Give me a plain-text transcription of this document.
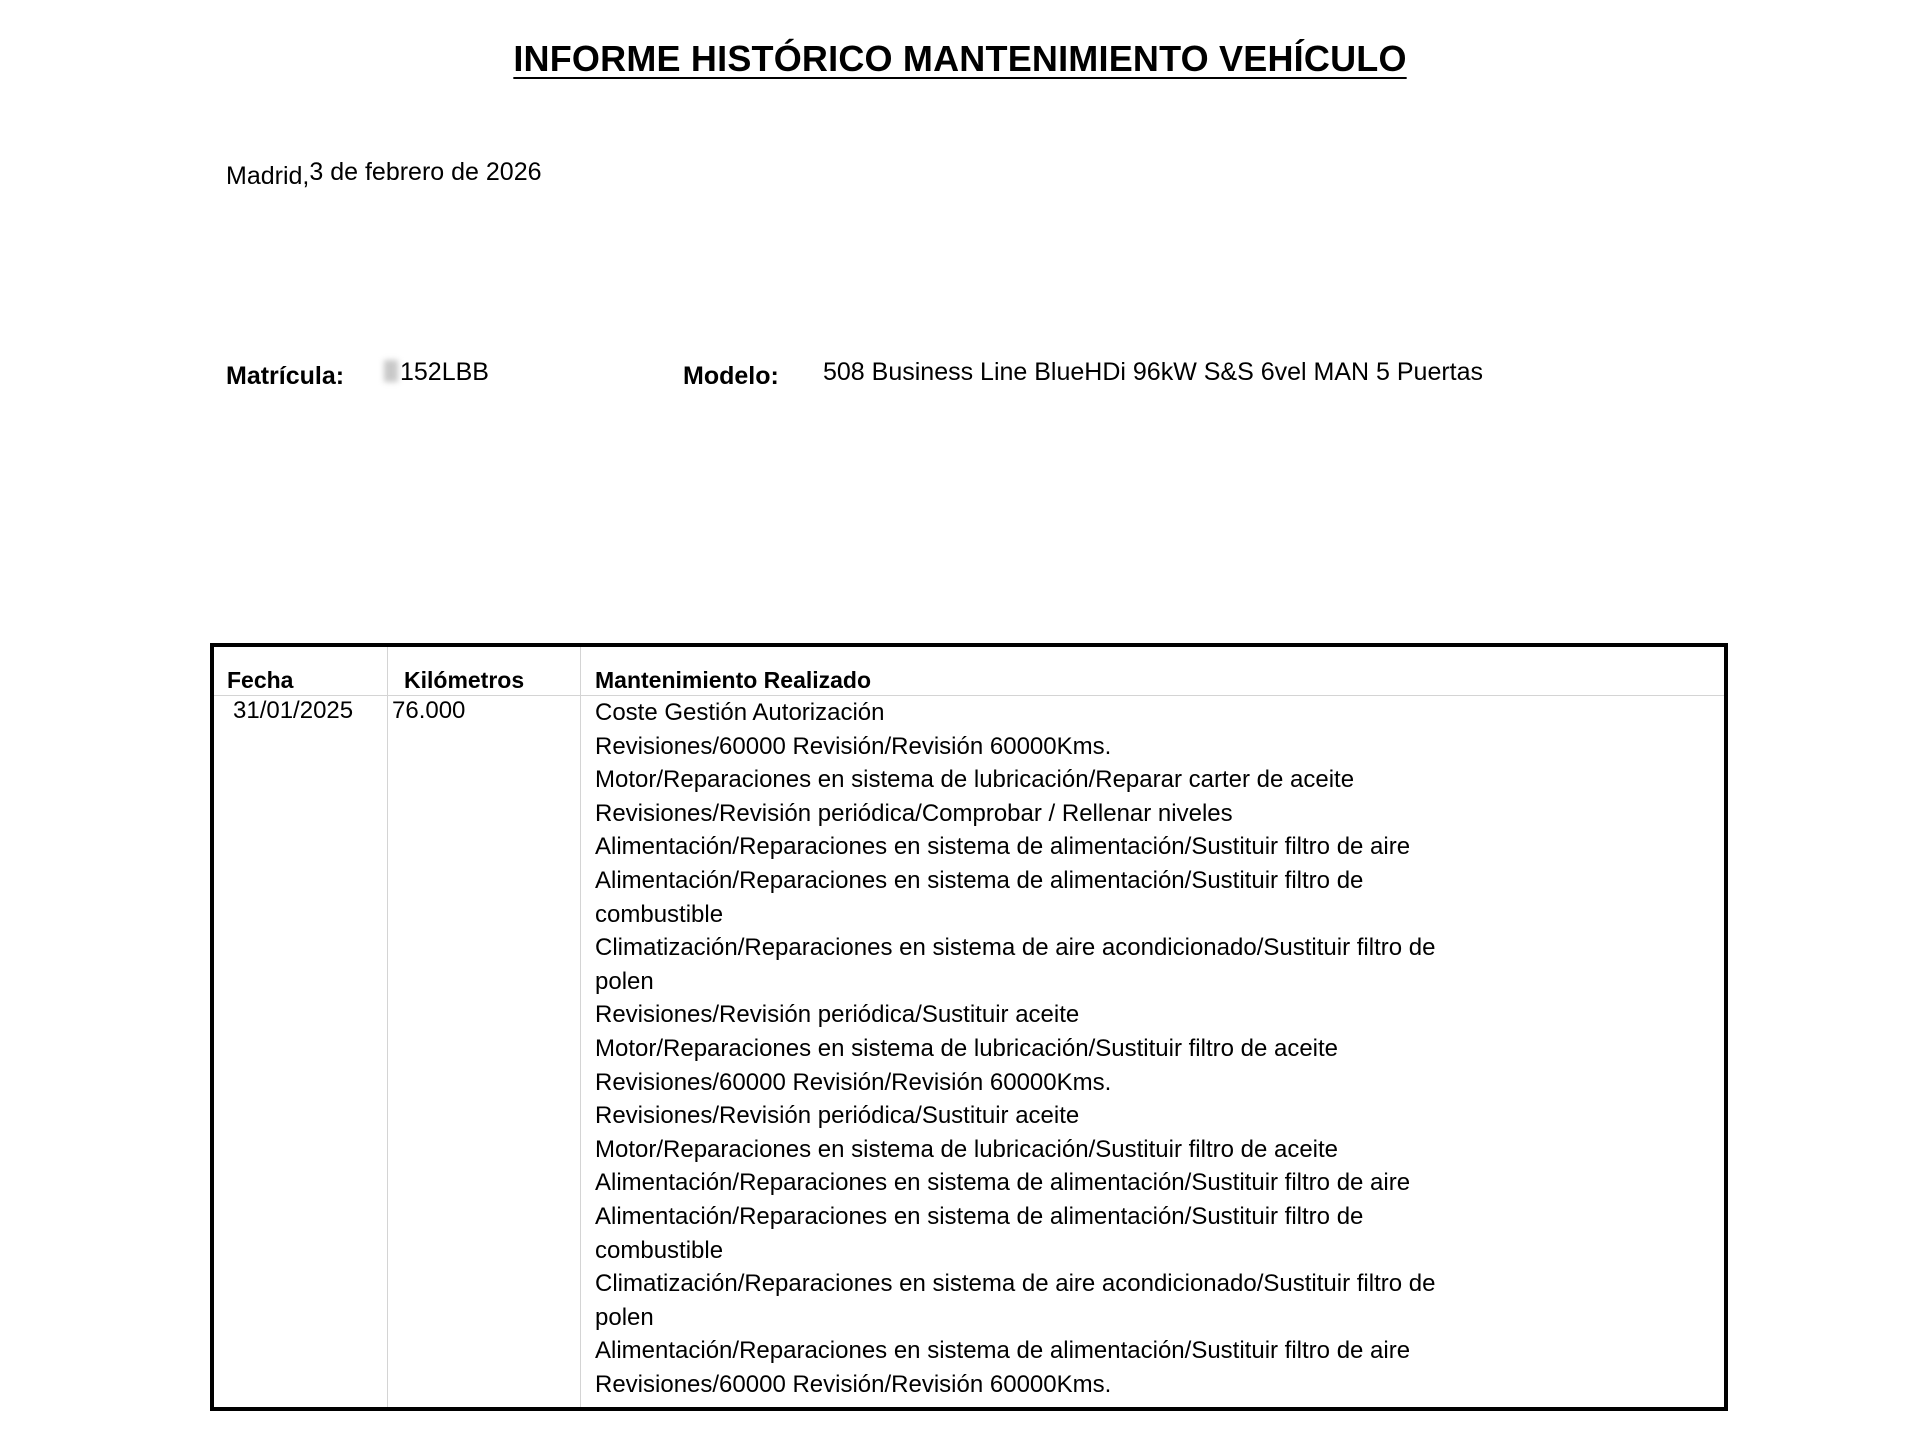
INFORME HISTÓRICO MANTENIMIENTO VEHÍCULO
Madrid,3 de febrero de 2026
Matrícula:	152LBB	Modelo: 508 Business Line BlueHDi 96kW S&S 6vel MAN 5 Puertas
Fecha	Kilómetros	Mantenimiento Realizado
31/01/2025 76.000	Coste Gestión Autorización
Revisiones/60000 Revisión/Revisión 60000Kms.
Motor/Reparaciones en sistema de lubricación/Reparar carter de aceite
Revisiones/Revisión periódica/Comprobar / Rellenar niveles
Alimentación/Reparaciones en sistema de alimentación/Sustituir filtro de aire
Alimentación/Reparaciones en sistema de alimentación/Sustituir filtro de
combustible
Climatización/Reparaciones en sistema de aire acondicionado/Sustituir filtro de
polen
Revisiones/Revisión periódica/Sustituir aceite
Motor/Reparaciones en sistema de lubricación/Sustituir filtro de aceite
Revisiones/60000 Revisión/Revisión 60000Kms.
Revisiones/Revisión periódica/Sustituir aceite
Motor/Reparaciones en sistema de lubricación/Sustituir filtro de aceite
Alimentación/Reparaciones en sistema de alimentación/Sustituir filtro de aire
Alimentación/Reparaciones en sistema de alimentación/Sustituir filtro de
combustible
Climatización/Reparaciones en sistema de aire acondicionado/Sustituir filtro de
polen
Alimentación/Reparaciones en sistema de alimentación/Sustituir filtro de aire
Revisiones/60000 Revisión/Revisión 60000Kms.
